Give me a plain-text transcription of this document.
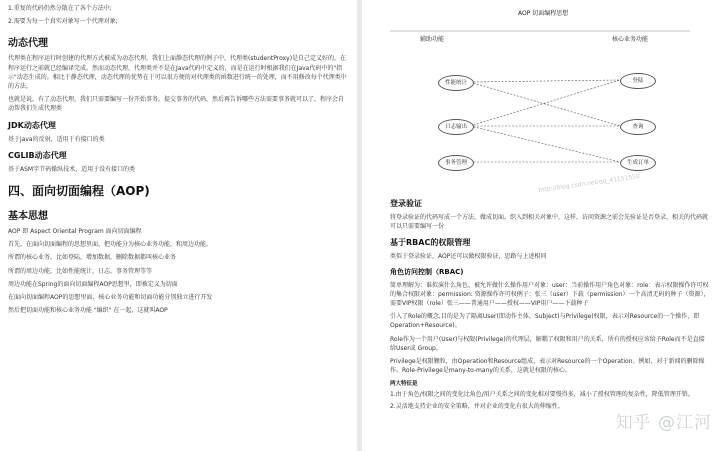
1.重复的代码仍然分散在了各个方法中;

2.需要为每一个真实对象写一个代理对象;

动态代理

代理类在程序运行时创建的代理方式被成为动态代理。我们上面静态代理的例子中，代理类(studentProxy)是自己定义好的，在程序运行之前就已经编译完成。然而动态代理，代理类并不是在Java代码中定义的，而是在运行时根据我们在Java代码中的"指示"动态生成的。相比于静态代理，动态代理的优势在于可以很方便的对代理类的函数进行统一的处理，而不用修改每个代理类中的方法。

也就是说，有了动态代理，我们只需要编写一份开始事务，提交事务的代码，然后再告诉哪些方法需要事务就可以了，程序会自动帮我们生成代理类

JDK动态代理

基于java的反射，适用于有接口的类

CGLIB动态代理

基于ASM字节码操纵技术，适用于没有接口的类

四、面向切面编程（AOP)
基本思想

AOP 即 Aspect Oriental Program 面向切面编程

首先，在面向切面编程的思想里面，把功能分为核心业务功能，和周边功能。

所谓的核心业务，比如登陆，增加数据，删除数据都叫核心业务

所谓的周边功能，比如性能统计，日志，事务管理等等

周边功能在Spring的面向切面编程AOP思想里，即被定义为切面

在面向切面编程AOP的思想里面，核心业务功能和切面功能分别独立进行开发

然后把切面功能和核心业务功能 "编织" 在一起，这就叫AOP

AOP 切面编程思想
辅助功能	核心业务功能
性能统计
日志输出
事务管理
登陆
查询
生成订单
http://blog.csdn.net/qq_41151550
登录验证

将登录验证的代码写成一个方法，做成切面，织入到相关对象中，这样，访问资源之前会先验证是否登录，相关的代码就可以只需要编写一份

基于RBAC的权限管理

类似于登录验证，AOP还可以做权限验证，思路与上述相同

角色访问控制（RBAC)

简单理解为：谁拟演什么角色，被允许做什么操作用户对象：user：当前操作用户角色对象：role：表示权限操作许可权的集合权限对象：permission: 资源操作许可权例子：张三（user）下载（permission）一个高清无码的种子（资源），需要VIP权限（role）张三——普通用户——授权——VIP用户——下载种子

引入了Role的概念,目的是为了隔离User(即动作主体，Subject)与Privilege(权限，表示对Resource的一个操作，即Operation+Resource)。

Role作为一个用户(User)与权限(Privilege)的代理层，解耦了权限和用户的关系，所有的授权应该给予Role而不是直接给User或 Group。

Privilege是权限颗粒，由Operation和Resource组成，表示对Resource的一个Operation。例如，对于新闻的删除操作。Role-Privilege是many-to-many的关系，这就是权限的核心。

两大特征是

1.由于角色/权限之间的变化比角色/用户关系之间的变化相对要慢得多，减小了授权管理的复杂性，降低管理开销。

2.灵活地支持企业的安全策略，并对企业的变化有很大的伸缩性。

知乎 @江河
